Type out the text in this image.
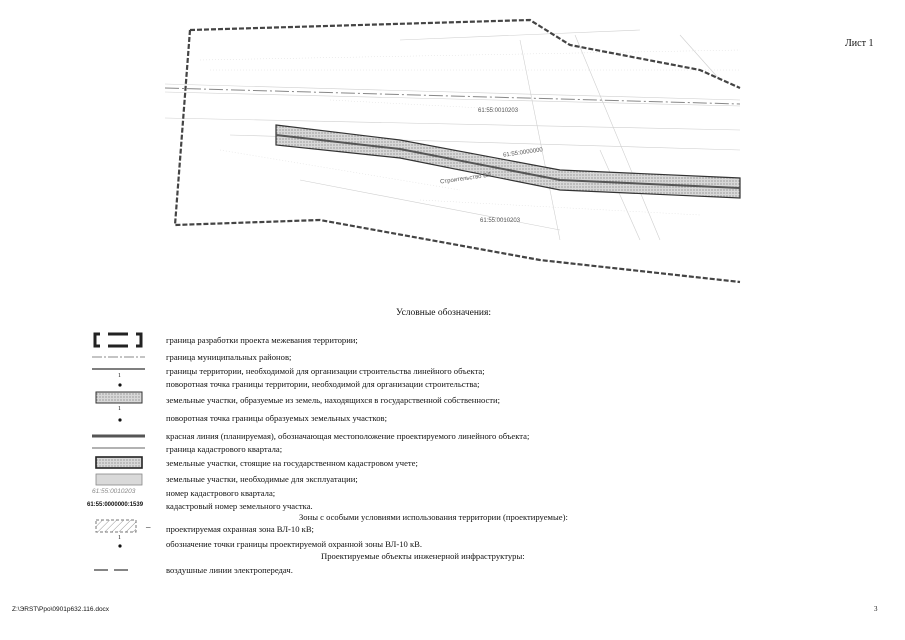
Лист 1
61:55:0010203
Строительство ВЛ
61:55:0000000
61:55:0010203
Условные обозначения:
1
1
1
61:55:0010203
61:55:0000000:1539
–
граница разработки проекта межевания территории;
граница муниципальных районов;
границы территории, необходимой для организации строительства линейного объекта;
поворотная точка границы территории, необходимой для организации строительства;
земельные участки, образуемые из земель, находящихся в государственной собственности;
поворотная точка границы образуемых земельных участков;
красная линия (планируемая), обозначающая местоположение проектируемого линейного объекта;
граница кадастрового квартала;
земельные участки, стоящие на государственном кадастровом учете;
земельные участки, необходимые для эксплуатации;
номер кадастрового квартала;
кадастровый номер земельного участка.
Зоны с особыми условиями использования территории (проектируемые):
проектируемая охранная зона ВЛ-10 кВ;
обозначение точки границы проектируемой охранной зоны ВЛ-10 кВ.
Проектируемые объекты инженерной инфраструктуры:
воздушные линии электропередач.
Z:\ЭRST\Рро\0901р632.116.docx	3
